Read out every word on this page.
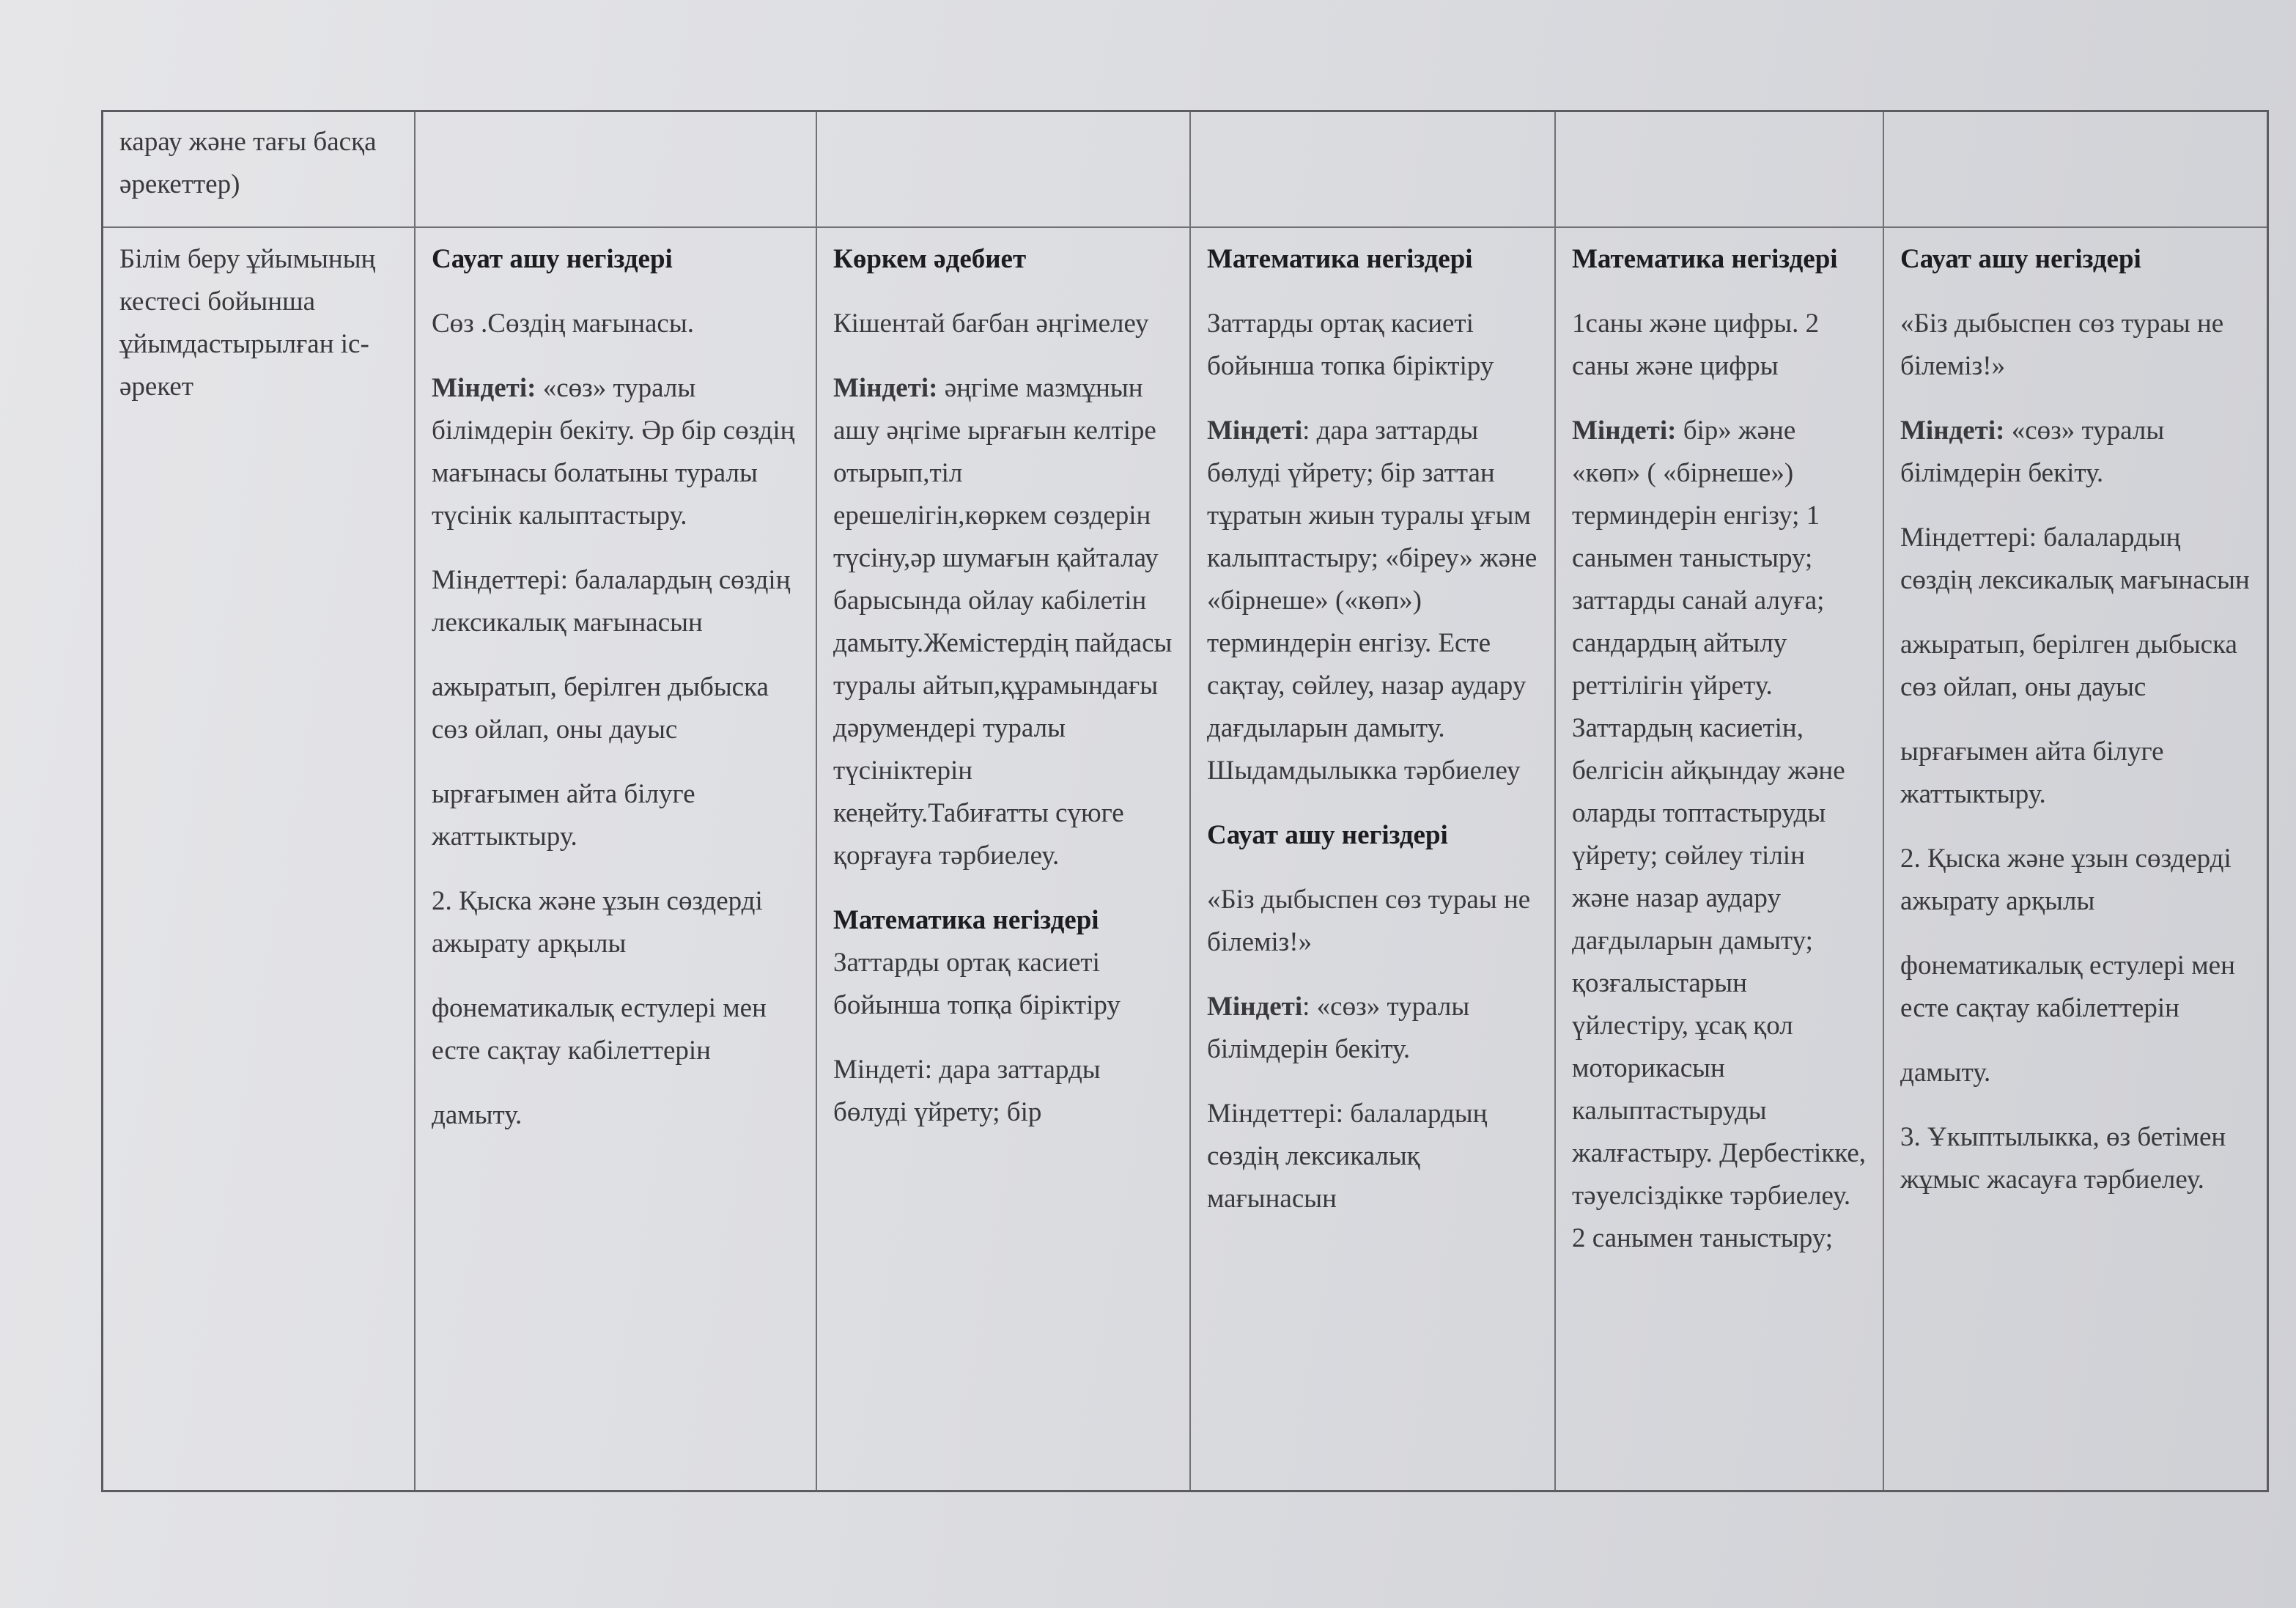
карау және тағы басқа әрекеттер)
Білім беру ұйымының кестесі бойынша ұйымдастырылған іс-әрекет
Сауат ашу негіздері
Сөз .Сөздің мағынасы.
Міндеті: «сөз» туралы білімдерін бекіту. Әр бір сөздің мағынасы болатыны туралы түсінік калыптастыру.
Міндеттері: балалардың сөздің лексикалық мағынасын
ажыратып, берілген дыбыска сөз ойлап, оны дауыс
ырғағымен айта білуге жаттыктыру.
2. Қыска және ұзын сөздерді ажырату арқылы
фонематикалық естулері мен есте сақтау кабілеттерін
дамыту.
Көркем әдебиет
Кішентай бағбан әңгімелеу
Міндеті: әңгіме мазмұнын ашу әңгіме ырғағын келтіре отырып,тіл ерешелігін,көркем сөздерін түсіну,әр шумағын қайталау барысында ойлау кабілетін дамыту.Жемістердің пайдасы туралы айтып,құрамындағы дәрумендері туралы түсініктерін кеңейту.Табиғатты сүюге қорғауға тәрбиелеу.
Математика негіздері
Заттарды ортақ касиеті бойынша топқа біріктіру
Міндеті: дара заттарды бөлуді үйрету; бір
Математика негіздері
Заттарды ортақ касиеті бойынша топка біріктіру
Міндеті: дара заттарды бөлуді үйрету; бір заттан тұратын жиын туралы ұғым калыптастыру; «біреу» және «бірнеше» («көп») терминдерін енгізу. Есте сақтау, сөйлеу, назар аудару дағдыларын дамыту. Шыдамдылыкка тәрбиелеу
Сауат ашу негіздері
«Біз дыбыспен сөз тураы не білеміз!»
Міндеті: «сөз» туралы білімдерін бекіту.
Міндеттері: балалардың сөздің лексикалық мағынасын
Математика негіздері
1саны және цифры. 2 саны және цифры
Міндеті: бір» және «көп» ( «бірнеше») терминдерін енгізу; 1 санымен таныстыру; заттарды санай алуға; сандардың айтылу реттілігін үйрету. Заттардың касиетін, белгісін айқындау және оларды топтастыруды үйрету; сөйлеу тілін және назар аудару дағдыларын дамыту; қозғалыстарын үйлестіру, ұсақ қол моторикасын калыптастыруды жалғастыру. Дербестікке, тәуелсіздікке тәрбиелеу. 2 санымен таныстыру;
Сауат ашу негіздері
«Біз дыбыспен сөз тураы не білеміз!»
Міндеті: «сөз» туралы білімдерін бекіту.
Міндеттері: балалардың сөздің лексикалық мағынасын
ажыратып, берілген дыбыска сөз ойлап, оны дауыс
ырғағымен айта білуге жаттыктыру.
2. Қыска және ұзын сөздерді ажырату арқылы
фонематикалық естулері мен есте сақтау кабілеттерін
дамыту.
3. Ұкыптылыкка, өз бетімен жұмыс жасауға тәрбиелеу.
